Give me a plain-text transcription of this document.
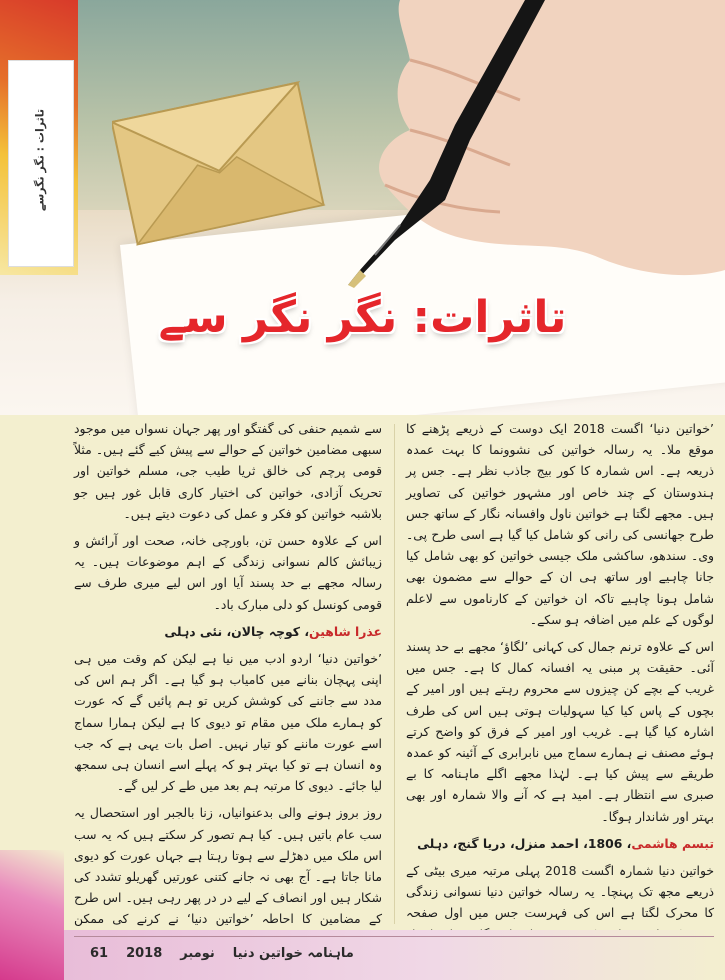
تاثرات : نگر نگرسے
تاثرات: نگر نگر سے

’خواتین دنیا‘ اگست 2018 ایک دوست کے ذریعے پڑھنے کا موقع ملا۔ یہ رسالہ خواتین کی نشوونما کا بہت عمدہ ذریعہ ہے۔ اس شمارہ کا کور بیج جاذب نظر ہے۔ جس پر ہندوستان کے چند خاص اور مشہور خواتین کی تصاویر ہیں۔ مجھے لگتا ہے خواتین ناول وافسانہ نگار کے ساتھ جس طرح جھانسی کی رانی کو شامل کیا گیا ہے اسی طرح پی۔ وی۔ سندھو، ساکشی ملک جیسی خواتین کو بھی شامل کیا جانا چاہیے اور ساتھ ہی ان کے حوالے سے مضمون بھی شامل ہونا چاہیے تاکہ ان خواتین کے کارناموں سے لاعلم لوگوں کے علم میں اضافہ ہو سکے۔

اس کے علاوہ ترنم جمال کی کہانی ’لگاؤ‘ مجھے بے حد پسند آئی۔ حقیقت پر مبنی یہ افسانہ کمال کا ہے۔ جس میں غریب کے بچے کن چیزوں سے محروم رہتے ہیں اور امیر کے بچوں کے پاس کیا کیا سہولیات ہوتی ہیں اس کی طرف اشارہ کیا گیا ہے۔ غریب اور امیر کے فرق کو واضح کرتے ہوئے مصنف نے ہمارے سماج میں نابرابری کے آئینہ کو عمدہ طریقے سے پیش کیا ہے۔ لہٰذا مجھے اگلے ماہنامہ کا بے صبری سے انتظار ہے۔ امید ہے کہ آنے والا شمارہ اور بھی بہتر اور شاندار ہوگا۔

تبسم ھاشمی، 1806، احمد منزل، دریا گنج، دہلی

خواتین دنیا شمارہ اگست 2018 پہلی مرتبہ میری بیٹی کے ذریعے مجھ تک پہنچا۔ یہ رسالہ خواتین دنیا نسوانی زندگی کا محرک لگتا ہے اس کی فہرست جس میں اول صفحہ

سے شمیم حنفی کی گفتگو اور پھر جہان نسواں میں موجود سبھی مضامین خواتین کے حوالے سے پیش کیے گئے ہیں۔ مثلاً قومی پرچم کی خالق ثریا طیب جی، مسلم خواتین اور تحریک آزادی، خواتین کی اختیار کاری قابل غور ہیں جو بلاشبہ خواتین کو فکر و عمل کی دعوت دیتے ہیں۔

اس کے علاوہ حسن تن، باورچی خانہ، صحت اور آرائش و زیبائش کالم نسوانی زندگی کے اہم موضوعات ہیں۔ یہ رسالہ مجھے بے حد پسند آیا اور اس لیے میری طرف سے قومی کونسل کو دلی مبارک باد۔

عذرا شاھین، کوچہ چالان، نئی دہلی

’خواتین دنیا‘ اردو ادب میں نیا ہے لیکن کم وقت میں ہی اپنی پہچان بنانے میں کامیاب ہو گیا ہے۔ اگر ہم اس کی مدد سے جاننے کی کوشش کریں تو ہم پائیں گے کہ عورت کو ہمارے ملک میں مقام تو دیوی کا ہے لیکن ہمارا سماج اسے عورت ماننے کو تیار نہیں۔ اصل بات یہی ہے کہ جب وہ انسان ہے تو کیا بہتر ہو کہ پہلے اسے انسان ہی سمجھ لیا جائے۔ دیوی کا مرتبہ ہم بعد میں طے کر لیں گے۔

روز بروز ہونے والی بدعنوانیاں، زنا بالجبر اور استحصال یہ سب عام باتیں ہیں۔ کیا ہم تصور کر سکتے ہیں کہ یہ سب اس ملک میں دھڑلے سے ہوتا رہتا ہے جہاں عورت کو دیوی مانا جاتا ہے۔ آج بھی نہ جانے کتنی عورتیں گھریلو تشدد کی شکار ہیں اور انصاف کے لیے در در پھر رہی ہیں۔ اس طرح کے مضامین کا احاطہ ’خواتین دنیا‘ نے کرنے کی ممکن

61 2018 نومبر ماہنامہ خواتین دنیا
